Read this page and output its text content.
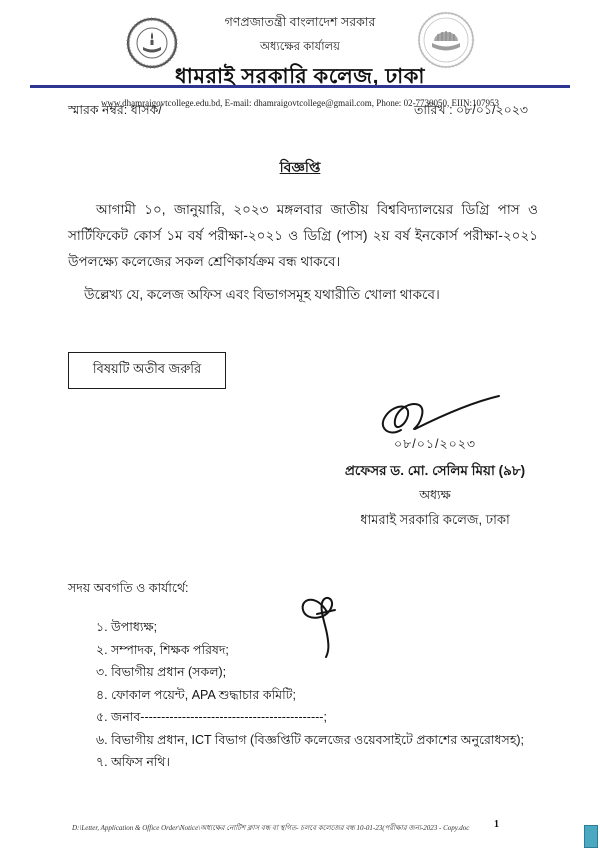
গণপ্রজাতন্ত্রী বাংলাদেশ সরকার
অধ্যক্ষের কার্যালয়
ধামরাই সরকারি কলেজ, ঢাকা
www.dhamraigovtcollege.edu.bd, E-mail: dhamraigovtcollege@gmail.com, Phone: 02-7730050, EIIN:107953
স্মারক নম্বর: ধাসক/	তারিখ : ০৮/০১/২০২৩
বিজ্ঞপ্তি
আগামী ১০, জানুয়ারি, ২০২৩ মঙ্গলবার জাতীয় বিশ্ববিদ্যালয়ের ডিগ্রি পাস ও সার্টিফিকেট কোর্স ১ম বর্ষ পরীক্ষা-২০২১ ও ডিগ্রি (পাস) ২য় বর্ষ ইনকোর্স পরীক্ষা-২০২১ উপলক্ষ্যে কলেজের সকল শ্রেণিকার্যক্রম বন্ধ থাকবে।
উল্লেখ্য যে, কলেজ অফিস এবং বিভাগসমূহ যথারীতি খোলা থাকবে।
বিষয়টি অতীব জরুরি
০৮/০১/২০২৩
প্রফেসর ড. মো. সেলিম মিয়া (৯৮)
অধ্যক্ষ
ধামরাই সরকারি কলেজ, ঢাকা
সদয় অবগতি ও কার্যার্থে:
১. উপাধ্যক্ষ;
২. সম্পাদক, শিক্ষক পরিষদ;
৩. বিভাগীয় প্রধান (সকল);
৪. ফোকাল পয়েন্ট, APA শুদ্ধাচার কমিটি;
৫. জনাব--------------------------------------------;
৬. বিভাগীয় প্রধান, ICT বিভাগ (বিজ্ঞপ্তিটি কলেজের ওয়েবসাইটে প্রকাশের অনুরোধসহ);
৭. অফিস নথি।
D:\Letter, Application & Office Order\Notice\অধ্যক্ষের নোটিশ ক্লাস বন্ধ বা স্থগিত- চলবে কলেজের বন্ধ 10-01-23(পরীক্ষার জন্য-2023 - Copy.doc	1
